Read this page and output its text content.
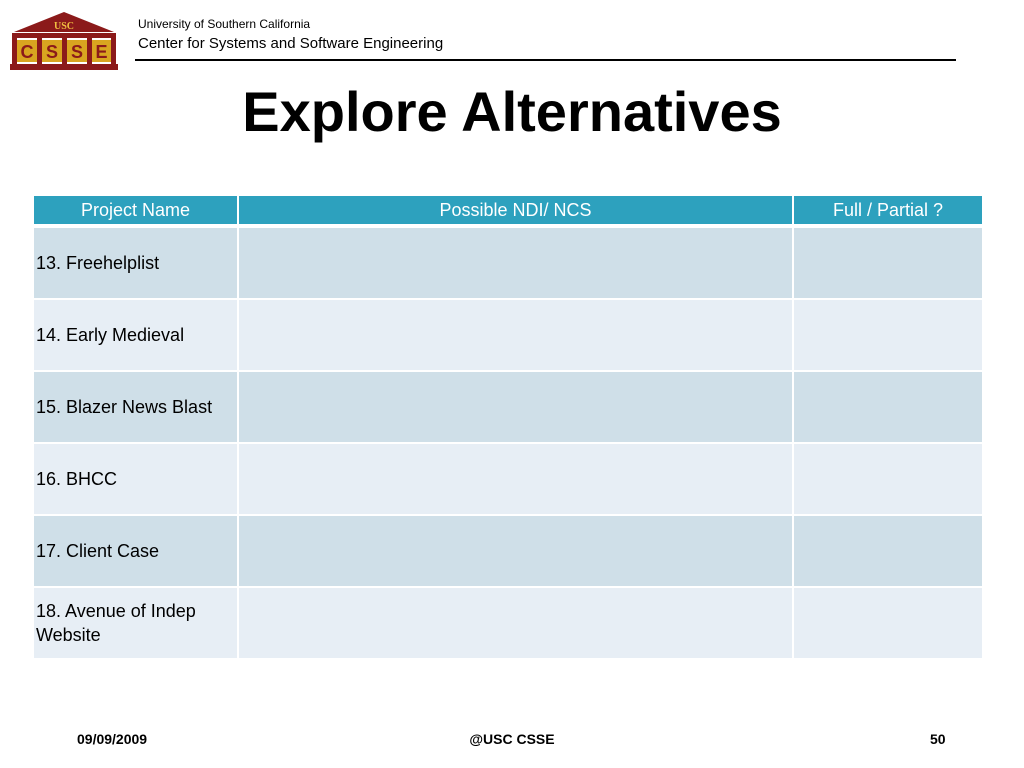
USC
C S S E
University of Southern California
Center for Systems and Software Engineering
Explore Alternatives
Project Name	Possible NDI/ NCS	Full / Partial ?
13. Freehelplist		
14. Early Medieval		
15. Blazer News Blast		
16. BHCC		
17. Client Case		
18. Avenue of Indep Website		
09/09/2009	@USC CSSE	50
